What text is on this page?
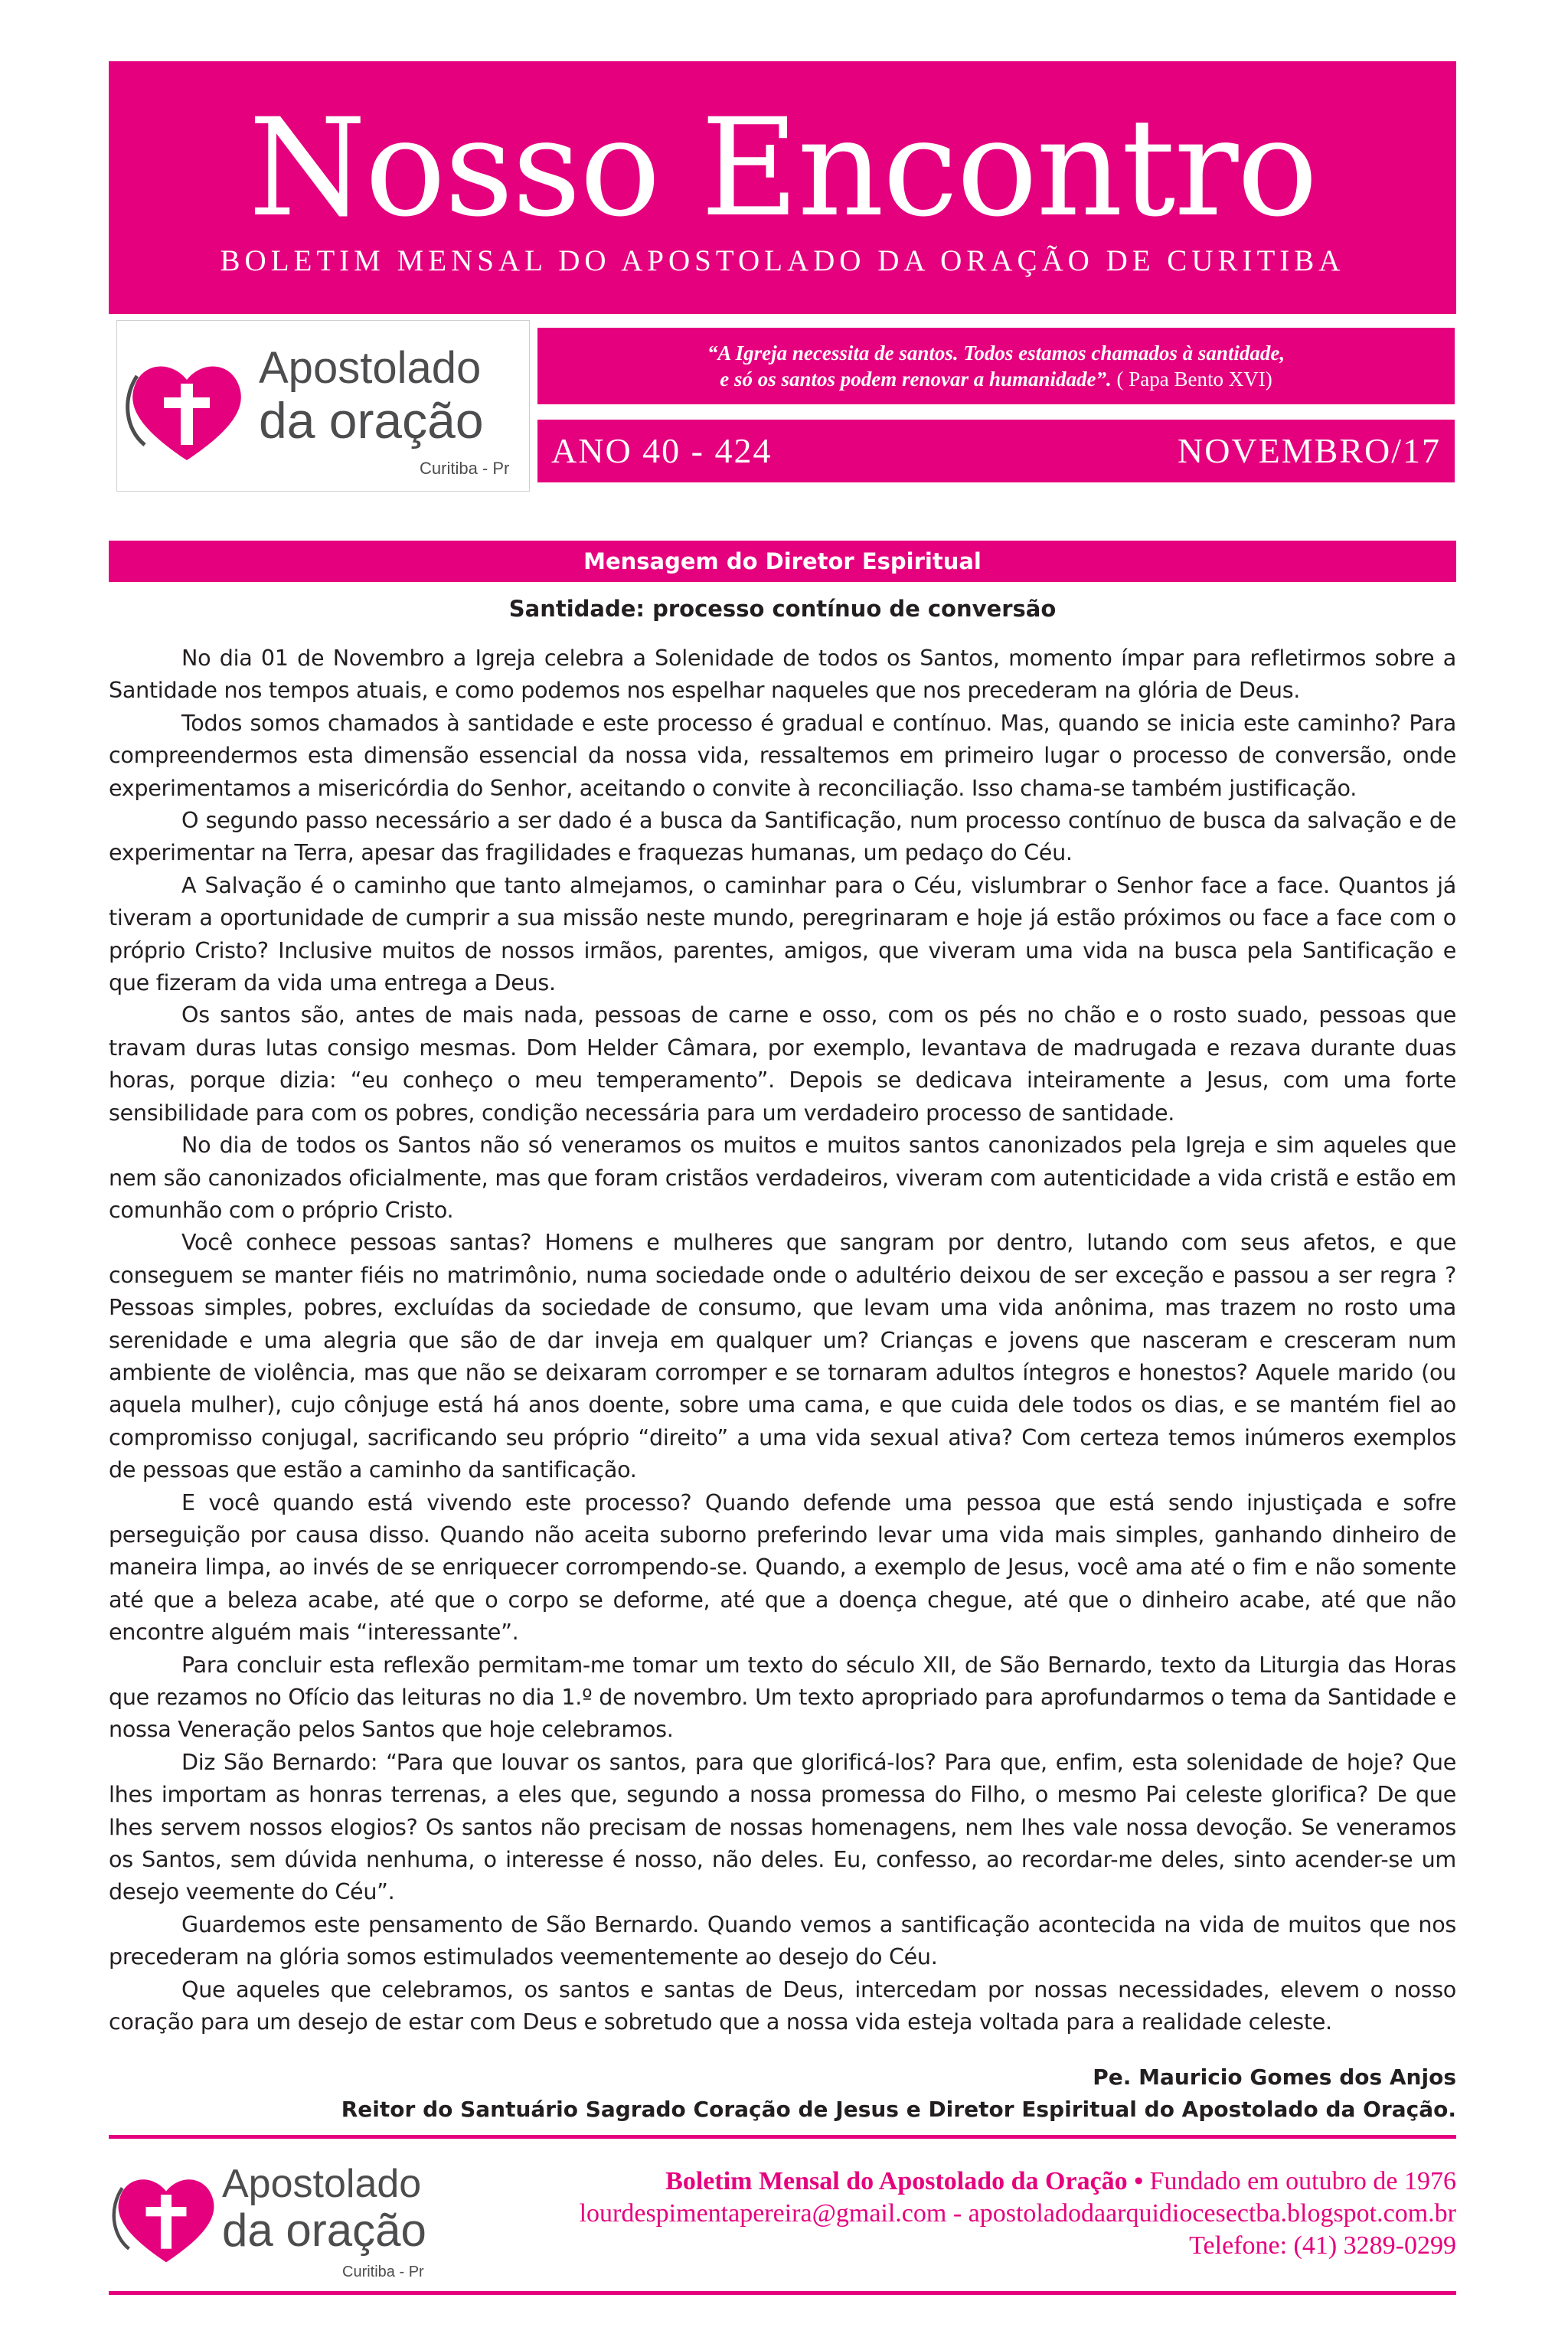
Nosso Encontro
BOLETIM MENSAL DO APOSTOLADO DA ORAÇÃO DE CURITIBA
Apostolado
da oração
Curitiba - Pr
“A Igreja necessita de santos. Todos estamos chamados à santidade,
e só os santos podem renovar a humanidade”. ( Papa Bento XVI)
ANO 40 - 424	NOVEMBRO/17
Mensagem do Diretor Espiritual
Santidade: processo contínuo de conversão

No dia 01 de Novembro a Igreja celebra a Solenidade de todos os Santos, momento ímpar para refletirmos sobre a Santidade nos tempos atuais, e como podemos nos espelhar naqueles que nos precederam na glória de Deus.

Todos somos chamados à santidade e este processo é gradual e contínuo. Mas, quando se inicia este caminho? Para compreendermos esta dimensão essencial da nossa vida, ressaltemos em primeiro lugar o processo de conversão, onde experimentamos a misericórdia do Senhor, aceitando o convite à reconciliação. Isso chama-se também justificação.

O segundo passo necessário a ser dado é a busca da Santificação, num processo contínuo de busca da salvação e de experimentar na Terra, apesar das fragilidades e fraquezas humanas, um pedaço do Céu.

A Salvação é o caminho que tanto almejamos, o caminhar para o Céu, vislumbrar o Senhor face a face. Quantos já tiveram a oportunidade de cumprir a sua missão neste mundo, peregrinaram e hoje já estão próximos ou face a face com o próprio Cristo? Inclusive muitos de nossos irmãos, parentes, amigos, que viveram uma vida na busca pela Santificação e que fizeram da vida uma entrega a Deus.

Os santos são, antes de mais nada, pessoas de carne e osso, com os pés no chão e o rosto suado, pessoas que travam duras lutas consigo mesmas. Dom Helder Câmara, por exemplo, levantava de madrugada e rezava durante duas horas, porque dizia: “eu conheço o meu temperamento”. Depois se dedicava inteiramente a Jesus, com uma forte sensibilidade para com os pobres, condição necessária para um verdadeiro processo de santidade.

No dia de todos os Santos não só veneramos os muitos e muitos santos canonizados pela Igreja e sim aqueles que nem são canonizados oficialmente, mas que foram cristãos verdadeiros, viveram com autenticidade a vida cristã e estão em comunhão com o próprio Cristo.

Você conhece pessoas santas? Homens e mulheres que sangram por dentro, lutando com seus afetos, e que conseguem se manter fiéis no matrimônio, numa sociedade onde o adultério deixou de ser exceção e passou a ser regra ? Pessoas simples, pobres, excluídas da sociedade de consumo, que levam uma vida anônima, mas trazem no rosto uma serenidade e uma alegria que são de dar inveja em qualquer um? Crianças e jovens que nasceram e cresceram num ambiente de violência, mas que não se deixaram corromper e se tornaram adultos íntegros e honestos? Aquele marido (ou aquela mulher), cujo cônjuge está há anos doente, sobre uma cama, e que cuida dele todos os dias, e se mantém fiel ao compromisso conjugal, sacrificando seu próprio “direito” a uma vida sexual ativa? Com certeza temos inúmeros exemplos de pessoas que estão a caminho da santificação.

E você quando está vivendo este processo? Quando defende uma pessoa que está sendo injustiçada e sofre perseguição por causa disso. Quando não aceita suborno preferindo levar uma vida mais simples, ganhando dinheiro de maneira limpa, ao invés de se enriquecer corrompendo-se. Quando, a exemplo de Jesus, você ama até o fim e não somente até que a beleza acabe, até que o corpo se deforme, até que a doença chegue, até que o dinheiro acabe, até que não encontre alguém mais “interessante”.

Para concluir esta reflexão permitam-me tomar um texto do século XII, de São Bernardo, texto da Liturgia das Horas que rezamos no Ofício das leituras no dia 1.º de novembro. Um texto apropriado para aprofundarmos o tema da Santidade e nossa Veneração pelos Santos que hoje celebramos.

Diz São Bernardo: “Para que louvar os santos, para que glorificá-los? Para que, enfim, esta solenidade de hoje? Que lhes importam as honras terrenas, a eles que, segundo a nossa promessa do Filho, o mesmo Pai celeste glorifica? De que lhes servem nossos elogios? Os santos não precisam de nossas homenagens, nem lhes vale nossa devoção. Se veneramos os Santos, sem dúvida nenhuma, o interesse é nosso, não deles. Eu, confesso, ao recordar-me deles, sinto acender-se um desejo veemente do Céu”.

Guardemos este pensamento de São Bernardo. Quando vemos a santificação acontecida na vida de muitos que nos precederam na glória somos estimulados veementemente ao desejo do Céu.

Que aqueles que celebramos, os santos e santas de Deus, intercedam por nossas necessidades, elevem o nosso coração para um desejo de estar com Deus e sobretudo que a nossa vida esteja voltada para a realidade celeste.

Pe. Mauricio Gomes dos Anjos
Reitor do Santuário Sagrado Coração de Jesus e Diretor Espiritual do Apostolado da Oração.
Apostolado
da oração
Curitiba - Pr
Boletim Mensal do Apostolado da Oração • Fundado em outubro de 1976
lourdespimentapereira@gmail.com - apostoladodaarquidiocesectba.blogspot.com.br
Telefone: (41) 3289-0299
